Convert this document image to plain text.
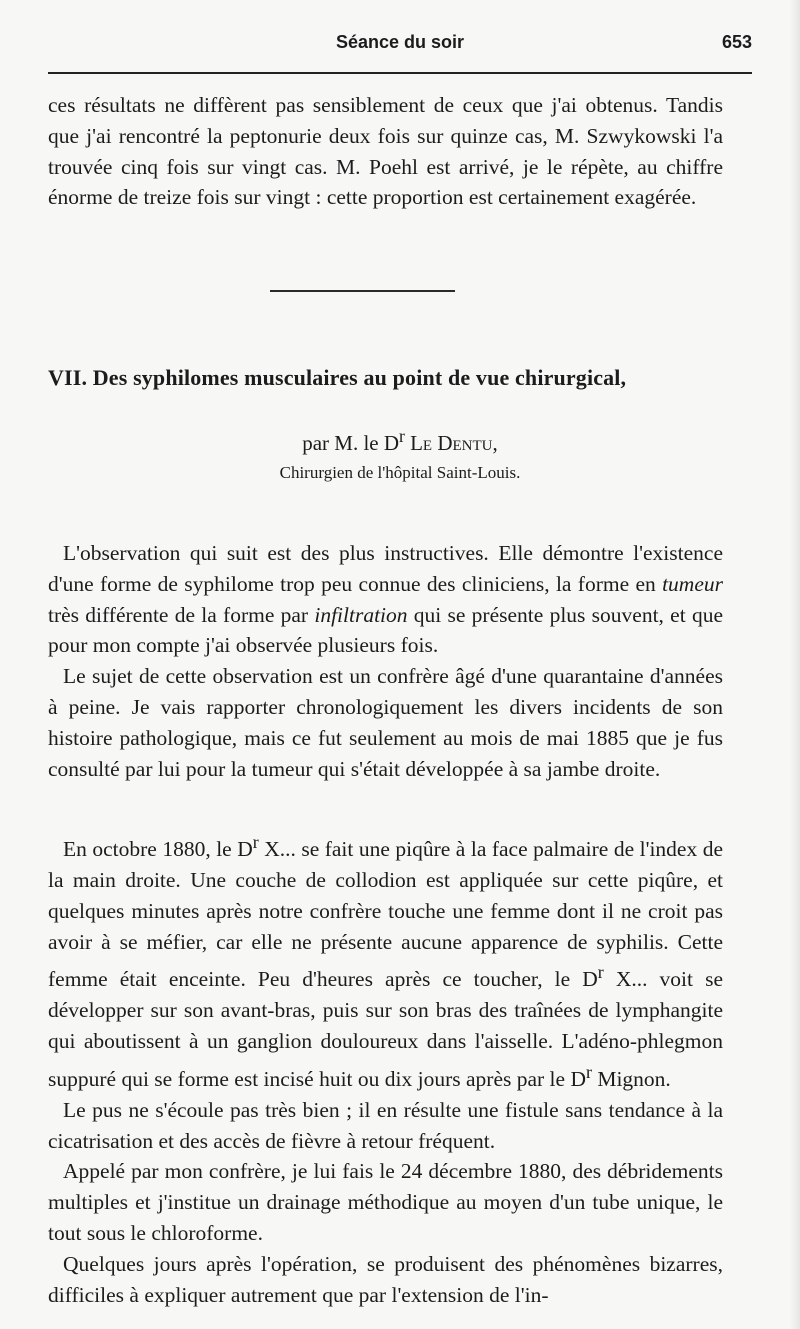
Séance du soir	653

ces résultats ne diffèrent pas sensiblement de ceux que j'ai obtenus. Tandis que j'ai rencontré la peptonurie deux fois sur quinze cas, M. Szwykowski l'a trouvée cinq fois sur vingt cas. M. Poehl est arrivé, je le répète, au chiffre énorme de treize fois sur vingt : cette proportion est certainement exagérée.

VII. Des syphilomes musculaires au point de vue chirurgical,
par M. le $D^r$ Le Dentu,
Chirurgien de l'hôpital Saint-Louis.

L'observation qui suit est des plus instructives. Elle démontre l'existence d'une forme de syphilome trop peu connue des cliniciens, la forme en tumeur très différente de la forme par infiltration qui se présente plus souvent, et que pour mon compte j'ai observée plusieurs fois.

Le sujet de cette observation est un confrère âgé d'une quarantaine d'années à peine. Je vais rapporter chronologiquement les divers incidents de son histoire pathologique, mais ce fut seulement au mois de mai 1885 que je fus consulté par lui pour la tumeur qui s'était développée à sa jambe droite.

En octobre 1880, le $D^r$ X... se fait une piqûre à la face palmaire de l'index de la main droite. Une couche de collodion est appliquée sur cette piqûre, et quelques minutes après notre confrère touche une femme dont il ne croit pas avoir à se méfier, car elle ne présente aucune apparence de syphilis. Cette femme était enceinte. Peu d'heures après ce toucher, le $D^r$ X... voit se développer sur son avant-bras, puis sur son bras des traînées de lymphangite qui aboutissent à un ganglion douloureux dans l'aisselle. L'adéno-phlegmon suppuré qui se forme est incisé huit ou dix jours après par le $D^r$ Mignon.

Le pus ne s'écoule pas très bien ; il en résulte une fistule sans tendance à la cicatrisation et des accès de fièvre à retour fréquent.

Appelé par mon confrère, je lui fais le 24 décembre 1880, des débridements multiples et j'institue un drainage méthodique au moyen d'un tube unique, le tout sous le chloroforme.

Quelques jours après l'opération, se produisent des phénomènes bizarres, difficiles à expliquer autrement que par l'extension de l'in-
